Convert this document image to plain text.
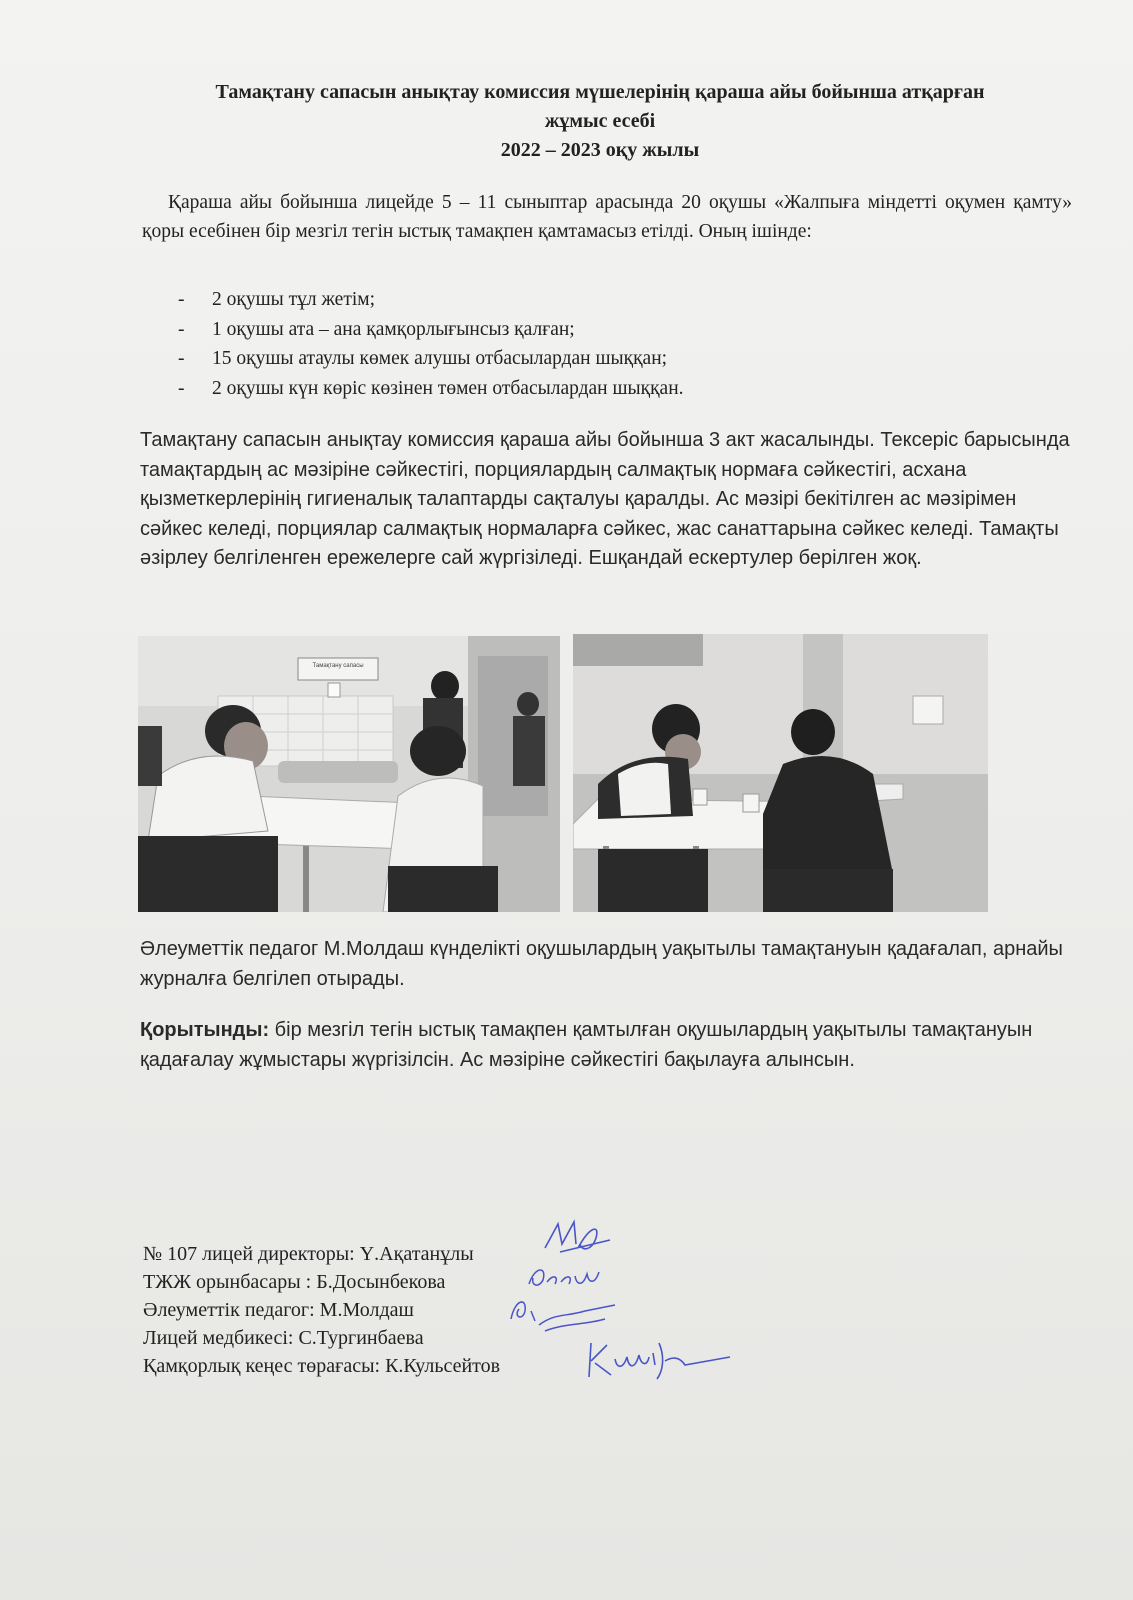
Тамақтану сапасын анықтау комиссия мүшелерінің қараша айы бойынша атқарған
жұмыс есебі
2022 – 2023 оқу жылы

Қараша айы бойынша лицейде 5 – 11 сыныптар арасында 20 оқушы «Жалпыға міндетті оқумен қамту» қоры есебінен бір мезгіл тегін ыстық тамақпен қамтамасыз етілді. Оның ішінде:

- 2 оқушы тұл жетім;
- 1 оқушы ата – ана қамқорлығынсыз қалған;
- 15 оқушы атаулы көмек алушы отбасылардан шыққан;
- 2 оқушы күн көріс көзінен төмен отбасылардан шыққан.

Тамақтану сапасын анықтау комиссия қараша айы бойынша 3 акт жасалынды. Тексеріс барысында тамақтардың ас мәзіріне сәйкестігі, порциялардың салмақтық нормаға сәйкестігі, асхана қызметкерлерінің гигиеналық талаптарды сақталуы қаралды. Ас мәзірі бекітілген ас мәзірімен сәйкес келеді, порциялар салмақтық нормаларға сәйкес, жас санаттарына сәйкес келеді. Тамақты әзірлеу белгіленген ережелерге сай жүргізіледі. Ешқандай ескертулер берілген жоқ.

Тамақтану сапасы

Әлеуметтік педагог М.Молдаш күнделікті оқушылардың уақытылы тамақтануын қадағалап, арнайы журналға белгілеп отырады.

Қорытынды: бір мезгіл тегін ыстық тамақпен қамтылған оқушылардың уақытылы тамақтануын қадағалау жұмыстары жүргізілсін. Ас мәзіріне сәйкестігі бақылауға алынсын.

№ 107 лицей директоры: Ү.Ақатанұлы
ТЖЖ орынбасары : Б.Досынбекова
Әлеуметтік педагог: М.Молдаш
Лицей медбикесі: С.Тургинбаева
Қамқорлық кеңес төрағасы: К.Кульсейтов
